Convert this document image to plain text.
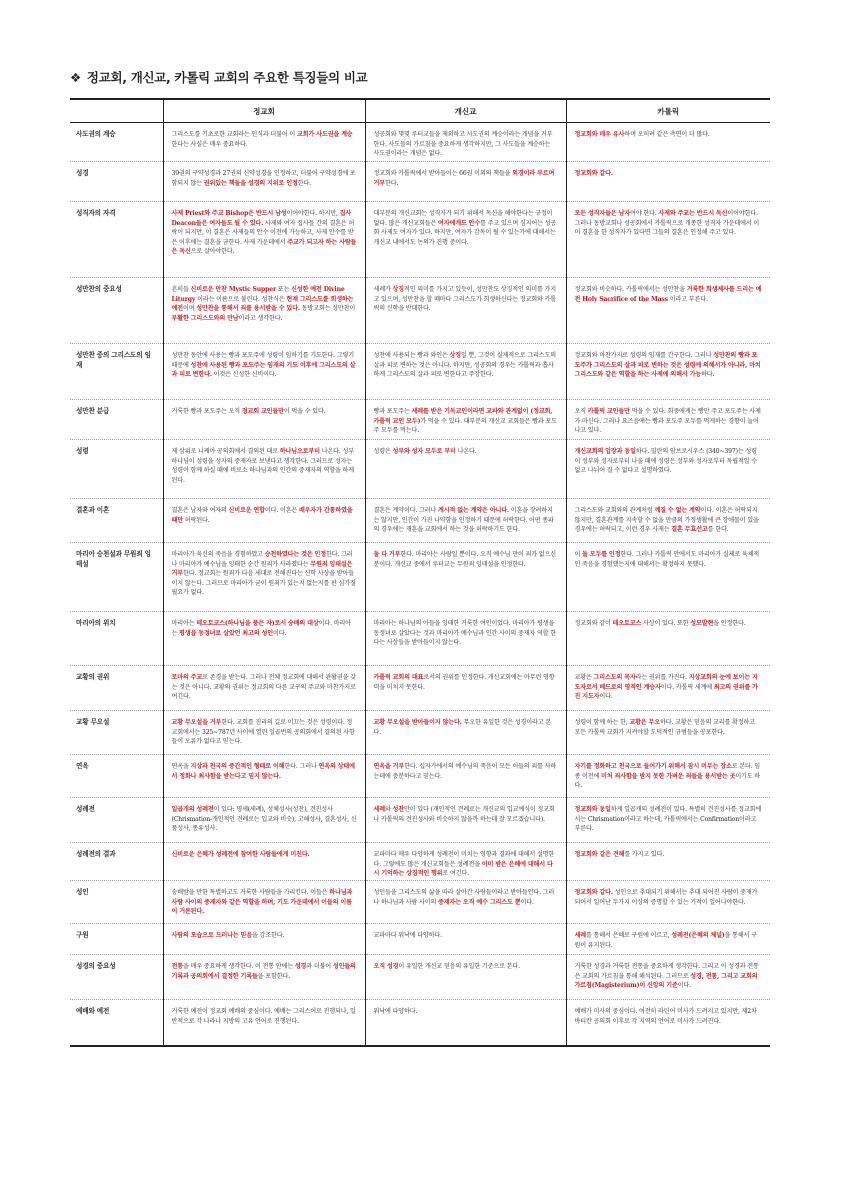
❖ 정교회, 개신교, 카톨릭 교회의 주요한 특징들의 비교
	정교회	개신교	카톨릭
사도권의 계승	그리스도를 기초로한 교회라는 인식과 더불어 이 교회가 사도권을 계승한다는 사실은 매우 중요하다.	성공회와 몇몇 루터교들을 제외하고 사도권의 계승이라는 개념을 거부한다. 사도들의 가르침을 중요하게 생각하지만, 그 사도들을 계승하는 사도권이라는 개념은 없다.	정교회와 매우 유사하며 오히려 같은 측면이 더 많다.
성경	39권의 구약성경과 27권의 신약성경을 인정하고, 더불어 구약성경에 포함되지 않는 권위있는 책들을 성경의 지위로 인정한다.	정교회와 카톨릭에서 받아들이는 66권 이외의 책들을 외경이라 부르며 거부한다.	정교회와 같다.
성직자의 자격	사제 Priest와 주교 Bishop은 반드시 남성이어야한다. 하지만, 집사 Deacon들은 여자들도 될 수 있다. 사제와 여자 집사들 간의 결혼은 허락이 되지만, 이 결혼은 사제들의 안수 이전에 가능하고, 사제 안수를 받은 이후에는 결혼을 금한다. 사제 가운데에서 주교가 되고자 하는 사람들은 독신으로 살아야한다.	대부분의 개신교회는 성직자가 되기 위해서 독신을 해야한다는 규정이 없다. 많은 개신교회들은 여자에게도 안수를 주고 있으며 심지어는 성공회 사제도 여자가 있다. 하지만, 여자가 감독이 될 수 있는가에 대해서는 개신교 내에서도 논의가 진행 중이다.	모든 성직자들은 남자여야 한다. 사제와 주교는 반드시 독신이어야한다. 그러나 동방교회나 성공회에서 카톨릭으로 개종한 성직자 가운데에서 이미 결혼을 한 성직자가 있다면 그들의 결혼은 인정해 주고 있다.
성만찬의 중요성	흔히들 신비로운 만찬 Mystic Supper 또는 신성한 예전 Divine Liturgy 이라는 이름으로 불린다. 성찬식은 현재 그리스도를 희생하는 예전이며 성만찬을 통해서 죄를 용서받을 수 있다. 동방교회는 성만찬이 부활한 그리스도와의 만남이라고 생각한다.	세례가 상징적인 의미를 가지고 있듯이, 성만찬도 상징적인 의미를 가지고 있으며, 성만찬을 할 때마다 그리스도가 희생하신다는 정교회와 카톨릭의 신학을 반대한다.	정교회와 비슷하다. 카톨릭에서는 성만찬을 거룩한 희생제사를 드리는 예전 Holy Sacrifice of the Mass 이라고 부른다.
성만찬 중의 그리스도의 임재	성만찬 동안에 사용는 빵과 포도주에 성령이 임하기를 기도한다. 그렇기 때문에 성찬에 사용된 빵과 포도주는 임재의 기도 이후에 그리스도의 살과 피로 변한다. 이것은 신성한 신비이다.	성찬에 사용되는 빵과 와인은 상징일 뿐, 그것이 실제적으로 그리스도의 살과 피로 변하는 것은 아니다. 하지만, 성공회의 경우는 카톨릭과 흡사하게 그리스도의 살과 피로 변한다고 주장한다.	정교회와 마찬가지로 성령의 임재를 간구한다. 그러나 성만찬의 빵과 포도주가 그리스도의 살과 피로 변하는 것은 성령에 의해서가 아니라, 마치 그리스도와 같은 역할을 하는 사제에 의해서 가능하다.
성만찬 분급	거룩한 빵과 포도주는 오직 정교회 교인들만이 먹을 수 있다.	빵과 포도주는 세례를 받은 기독교인이라면 교파와 관계없이 (정교회, 카톨릭 교인 모두)가 먹을 수 있다. 대부분의 개신교 교회들은 빵과 포도주 모두를 먹는다.	오직 카톨릭 교인들만 먹을 수 있다. 회중에게는 빵만 주고 포도주는 사제가 마신다. 그러나 요즈음에는 빵과 포도주 모두를 먹게하는 경향이 늘어나고 있다.
성령	제 삼위로 니케아 공의회에서 결의된 대로 하나님으로부터 나온다. 성부 하나님이 성령을 성자의 중재자로 보낸다고 생각한다. 그러므로 성자는 성령이 함께 하실 때에 비로소 하나님과의 인간의 중재자의 역할을 하게 된다.	성령은 성부와 성자 모두로 부터 나온다.	개신교회의 입장과 동일하다. 밀란의 암브로시우스 (340~397)는 성령이 성부와 성자로부터 나올 때에 성령은 성부와 성자로부터 독립적일 수 없고 나뉘어 질 수 없다고 설명하였다.
결혼과 이혼	결혼은 남자와 여자의 신비로운 연합이다. 이혼은 배우자가 간통하였을 때만 허락된다.	결혼은 계약이다. 그러나 계시적 없는 계약은 아니다. 이혼을 장려하지는 않지만, 인간이 가진 나약함을 인정하기 때문에 허락한다. 어떤 종파의 경우에는 재혼을 교회에서 하는 것을 허락하기도 한다.	그리스도와 교회와의 관계처럼 깨질 수 없는 계약이다. 이혼은 허락되지 않지만, 결혼관계를 지속할 수 없을 만큼의 가정생활에 큰 장애물이 있을 경우에는 허락되고, 이런 경우 사제는 결혼 무효선고를 한다.
마리아 승천설과 무원죄 잉태설	마리아가 육신의 죽음을 경험하였고 승천하였다는 것은 인정한다. 그러나 마리아가 예수님을 잉태한 순간 원죄가 사라졌다는 무원죄 잉태설은 거부한다. 정교회는 원죄가 다음 세대로 전해진다는 신학 사상을 받아들이지 않는다. 그러므로 마리아가 굳이 원죄가 있는지 없는지를 판 심가질 필요가 없다.	둘 다 거부한다. 마리아는 사람일 뿐이다. 오직 예수님 만이 죄가 없으신 분이다. 개신교 중에서 루터교는 무원죄 잉태설을 인정한다.	이 둘 모두를 인정한다. 그러나 카톨릭 안에서도 마리아가 실제로 육체적인 죽음을 경험했는지에 대해서는 확정하지 못했다.
마리아의 위치	마리아는 테오토코스(하나님을 품은 자)로서 숭배의 대상이다. 마리아는 평생을 동정녀로 살았던 최고의 성인이다.	마리아는 하나님의 아들을 잉태한 거룩한 여인이었다. 마리아가 평생을 동정녀로 살았다는 것과 마리아가 예수님과 인간 사이의 중재자 역할 한다는 사상들을 받아들이지 않는다.	정교회와 같이 테오토코스 사상이 있다. 또한 성모발현을 인정한다.
교황의 권위	로마의 주교로 존경을 받는다. 그러나 전체 정교회에 대해서 관활권을 갖는 것은 아니다. 교황의 권위는 정교회의 다른 교구의 주교와 마찬가지로 여긴다.	카톨릭 교회의 대표로서의 권위를 인정한다. 개신교회에는 아무런 영향력을 미치지 못한다.	교황은 그리스도의 목자라는 권위를 가진다. 지상교회의 눈에 보이는 지도자로서 베드로의 영적인 계승자이다. 카톨릭 세계에 최고의 권위를 가진 지도자이다.
교황 무오설	교황 무오설을 거부한다. 교회를 진리의 길로 이끄는 것은 성령이다. 정교회에서는 325~787년 사이에 열린 일곱번의 공의회에서 결의된 사항들이 오류가 없다고 믿는다.	교황 무오설을 받아들이지 않는다. 무오한 유일한 것은 성경이라고 본다.	성령이 함께 하는 한, 교황은 무오하다. 교황은 믿음의 교리를 확정하고 모든 카톨릭 교회가 지켜야할 도덕적인 규범들을 공포한다.
연옥	연옥을 지상과 천국의 중간적인 형태로 이해한다. 그러나 연옥의 상태에서 정화나 최사함을 받는다고 믿지 않는다.	연옥을 거부한다. 십자가에서의 예수님의 죽음이 모든 이들의 죄를 사하는데에 충분하다고 믿는다.	자기를 정화하고 천국으로 들어가기 위해서 잠시 머무는 장소로 본다. 임종 이전에 미처 죄사함을 받지 못한 가벼운 죄들을 용서받는 곳이기도 하다.
성례전	일곱개의 성례전이 있다: 영세(세례), 성체성사(성찬), 견진성사(Chrismation-개인적인 견례로는 입교와 비슷), 고해성사, 결혼성사, 신품성사, 종유성사.	세례와 성찬만이 있다 (개인적인 견례로는 개신교의 입교예식이 정교회나 카톨릭의 견진성사와 비슷하지 않을까 하는데 잘 모르겠습니다).	정교회와 동일하게 일곱개의 성례전이 있다. 특별히 견진성사를 정교회에서는 Chrismation이라고 하는데, 카톨릭에서는 Confirmation이라고 부른다.
성례전의 결과	신비로운 은혜가 성례전에 참여한 사람들에게 미친다.	교파마다 매우 다양하게 성례전이 미치는 영향과 결과에 대해서 설명한다. 그렇에도 많은 개신교회들은 성례전을 이미 받은 은혜에 대해서 다시 기억하는 상징적인 행위로 여긴다.	정교회와 같은 견해를 가지고 있다.
성인	숭배받을 만한 특별하고도 거룩한 사람들을 가리킨다. 이들은 하나님과 사람 사이의 중재자와 같은 역할을 하며, 기도 가운데에서 이들의 이름이 거론된다.	성인들을 그리스도의 삶을 따라 살아간 사람들이라고 받아들인다. 그러나 하나님과 사람 사이의 중재자는 오직 예수 그리스도 뿐이다.	정교회와 같다. 성인으로 추대되기 위해서는 추대 되어진 사람이 중재가 되어서 일어난 두가지 이상의 증명할 수 있는 기적이 일어나야한다.
구원	사람의 모습으로 드러나는 믿음을 강조한다.	교파마다 워낙에 다양하다.	세례를 통해서 은혜로 구원에 이르고, 성례전(은혜의 체널)을 통해서 구원이 유지된다.
성경의 중요성	전통을 매우 중요하게 생각한다. 이 전통 안에는 성경과 더불어 성인들의 기록과 공의회에서 결정한 기록들을 포함한다.	오직 성경이 유일한 개신교 믿음의 유일한 기준으로 본다.	거룩한 성경과 거룩한 전통을 중요하게 생각한다. 그리고 이 성경과 전통은 교회의 가르침을 통해 해석된다. 그러므로 성경, 전통, 그리고 교회의 가르침(Magisterium)이 신앙의 기준이다.
예배와 예전	거룩한 예전이 정교회 예배의 중심이다. 예배는 그리스어로 진행되나, 일반적으로 각 나라나 지방의 고유 언어로 진행된다.	워낙에 다양하다.	예배가 미사의 중심이다. 여전히 라틴어 미사가 드려지고 있지만, 제2차 바티칸 공의회 이후로 각 지역의 언어로 미사가 드려진다.
